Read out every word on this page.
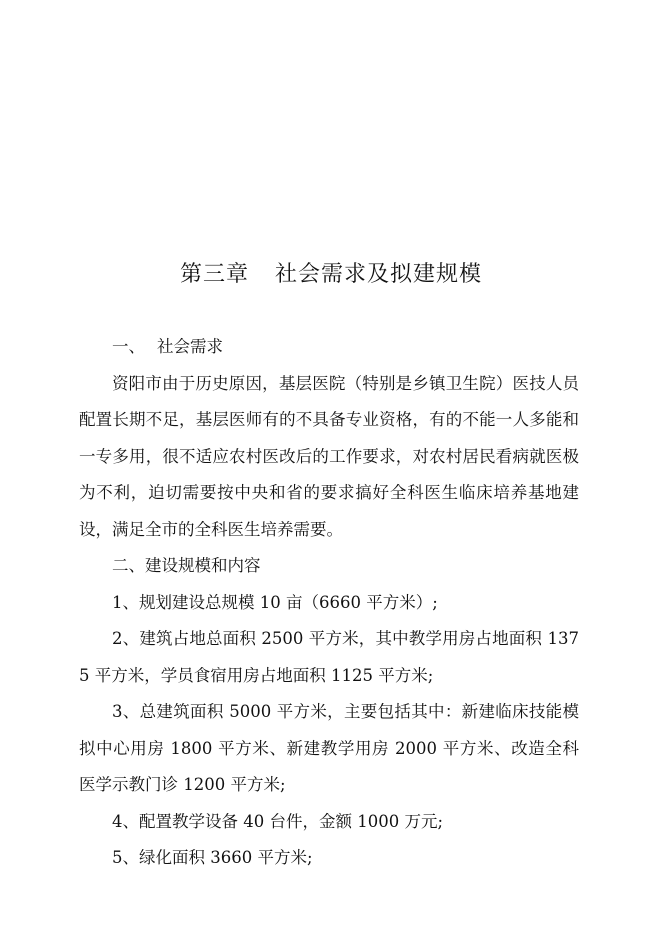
第三章 社会需求及拟建规模

一、 社会需求

资阳市由于历史原因，基层医院（特别是乡镇卫生院）医技人员配置长期不足，基层医师有的不具备专业资格，有的不能一人多能和一专多用，很不适应农村医改后的工作要求，对农村居民看病就医极为不利，迫切需要按中央和省的要求搞好全科医生临床培养基地建设，满足全市的全科医生培养需要。

二、建设规模和内容

1、规划建设总规模 10 亩（6660 平方米）;

2、建筑占地总面积 2500 平方米，其中教学用房占地面积 1375 平方米，学员食宿用房占地面积 1125 平方米;

3、总建筑面积 5000 平方米，主要包括其中：新建临床技能模拟中心用房 1800 平方米、新建教学用房 2000 平方米、改造全科医学示教门诊 1200 平方米;

4、配置教学设备 40 台件，金额 1000 万元;

5、绿化面积 3660 平方米;
